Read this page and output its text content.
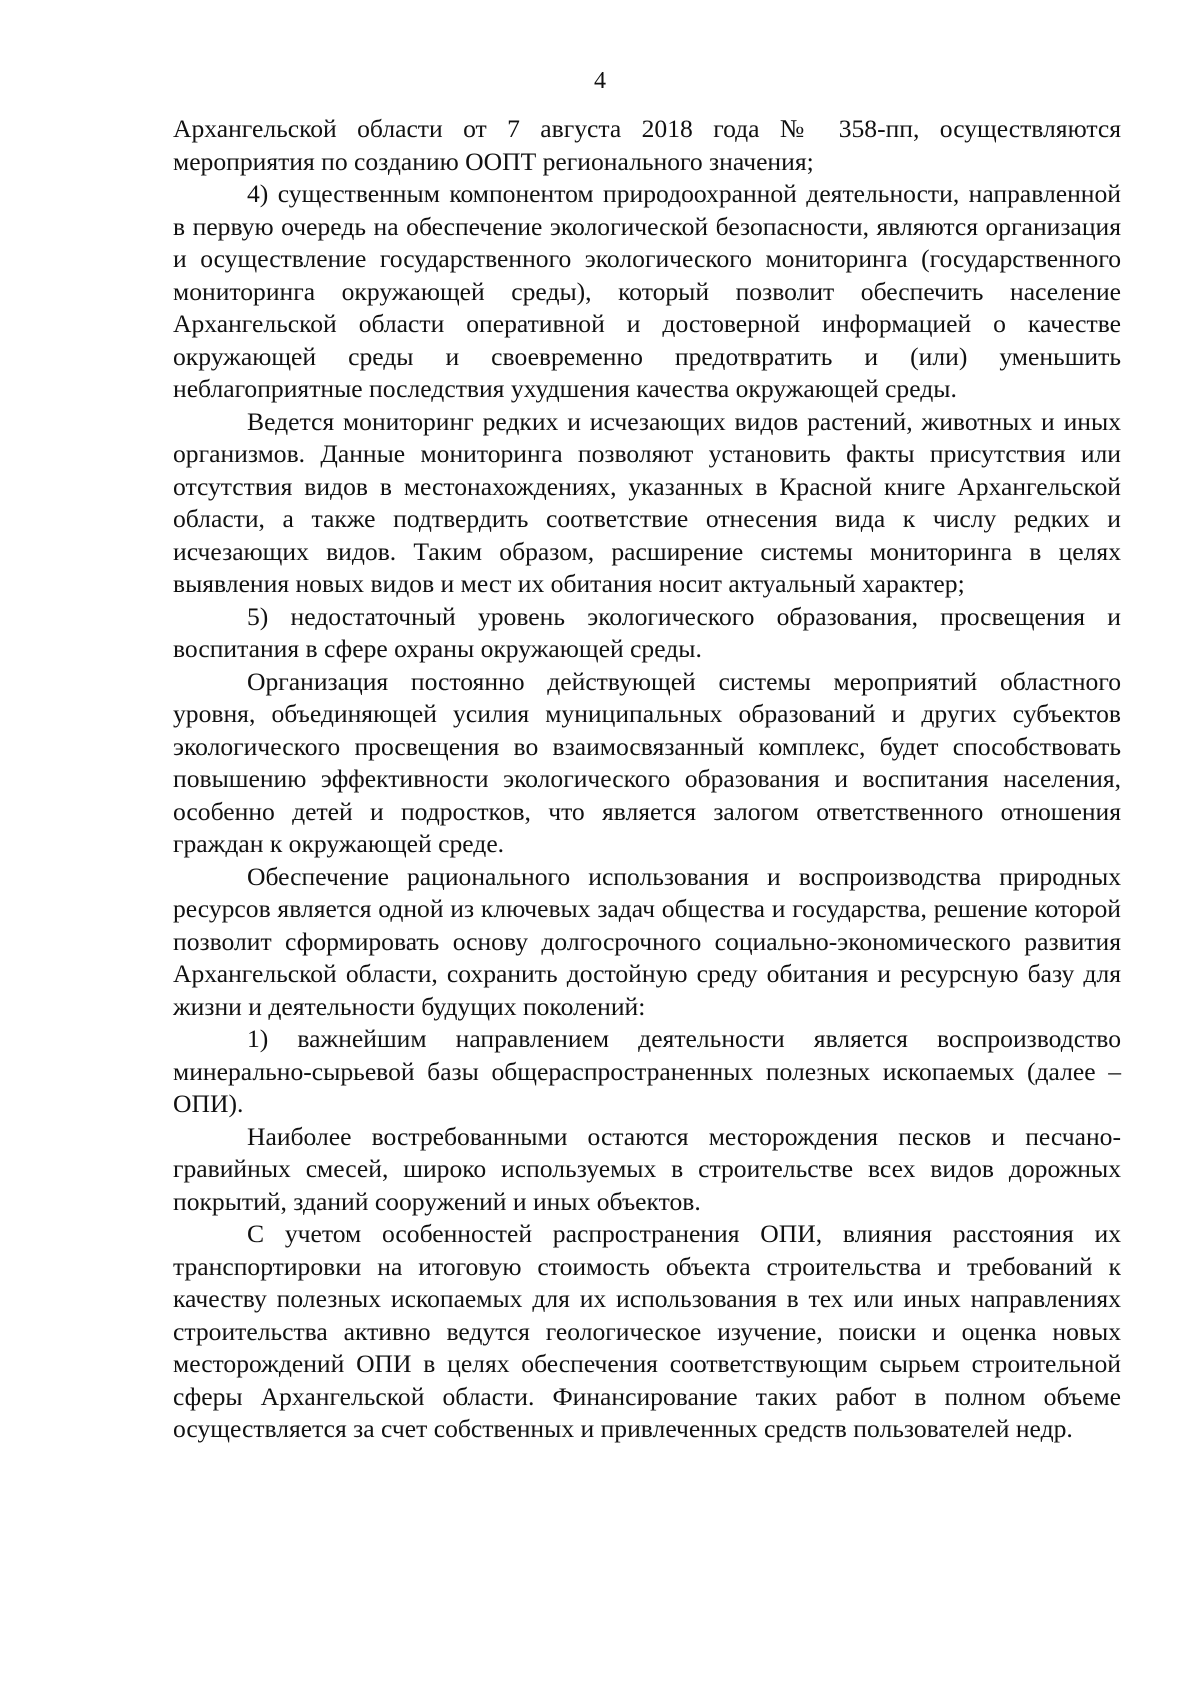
4

Архангельской области от 7 августа 2018 года № 358-пп, осуществляются мероприятия по созданию ООПТ регионального значения;

4) существенным компонентом природоохранной деятельности, направленной в первую очередь на обеспечение экологической безопасности, являются организация и осуществление государственного экологического мониторинга (государственного мониторинга окружающей среды), который позволит обеспечить население Архангельской области оперативной и достоверной информацией о качестве окружающей среды и своевременно предотвратить и (или) уменьшить неблагоприятные последствия ухудшения качества окружающей среды.

Ведется мониторинг редких и исчезающих видов растений, животных и иных организмов. Данные мониторинга позволяют установить факты присутствия или отсутствия видов в местонахождениях, указанных в Красной книге Архангельской области, а также подтвердить соответствие отнесения вида к числу редких и исчезающих видов. Таким образом, расширение системы мониторинга в целях выявления новых видов и мест их обитания носит актуальный характер;

5) недостаточный уровень экологического образования, просвещения и воспитания в сфере охраны окружающей среды.

Организация постоянно действующей системы мероприятий областного уровня, объединяющей усилия муниципальных образований и других субъектов экологического просвещения во взаимосвязанный комплекс, будет способствовать повышению эффективности экологического образования и воспитания населения, особенно детей и подростков, что является залогом ответственного отношения граждан к окружающей среде.

Обеспечение рационального использования и воспроизводства природных ресурсов является одной из ключевых задач общества и государства, решение которой позволит сформировать основу долгосрочного социально-экономического развития Архангельской области, сохранить достойную среду обитания и ресурсную базу для жизни и деятельности будущих поколений:

1) важнейшим направлением деятельности является воспроизводство минерально-сырьевой базы общераспространенных полезных ископаемых (далее – ОПИ).

Наиболее востребованными остаются месторождения песков и песчано-гравийных смесей, широко используемых в строительстве всех видов дорожных покрытий, зданий сооружений и иных объектов.

С учетом особенностей распространения ОПИ, влияния расстояния их транспортировки на итоговую стоимость объекта строительства и требований к качеству полезных ископаемых для их использования в тех или иных направлениях строительства активно ведутся геологическое изучение, поиски и оценка новых месторождений ОПИ в целях обеспечения соответствующим сырьем строительной сферы Архангельской области. Финансирование таких работ в полном объеме осуществляется за счет собственных и привлеченных средств пользователей недр.
